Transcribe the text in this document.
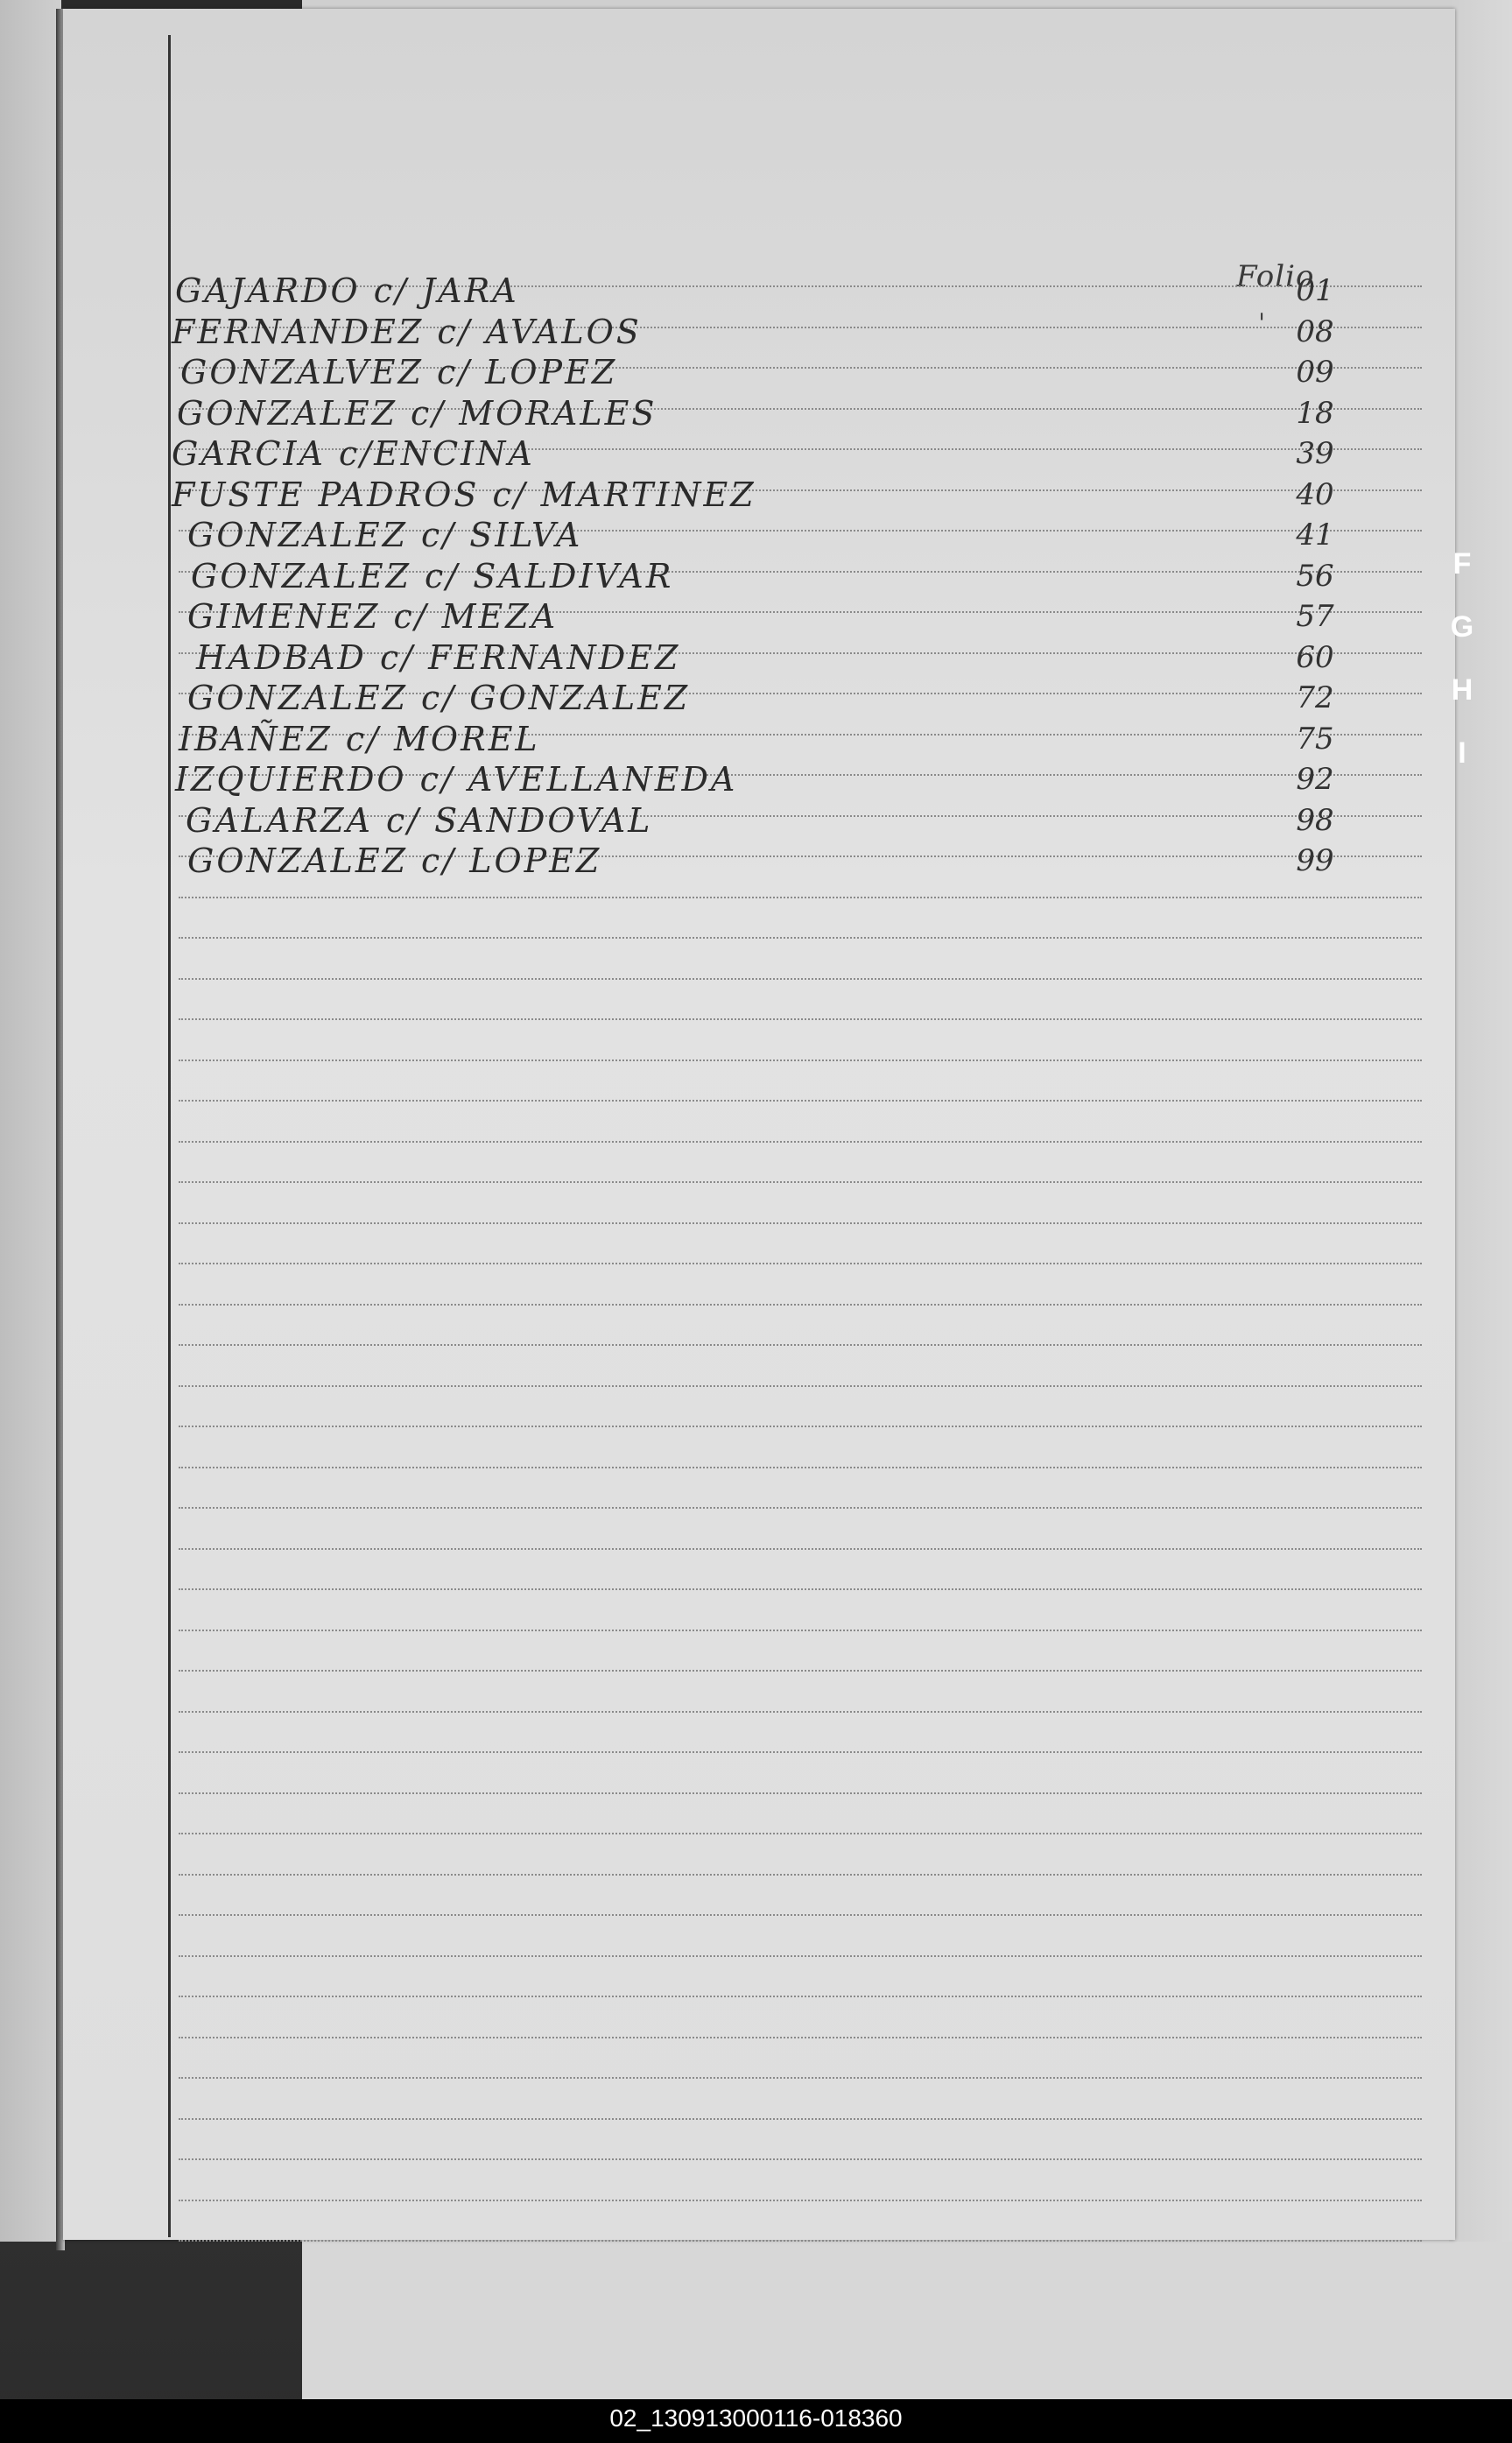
Folio
ˌ
GAJARDO c/ JARA	01
FERNANDEZ c/ AVALOS	08
GONZALVEZ c/ LOPEZ	09
GONZALEZ c/ MORALES	18
GARCIA c/ENCINA	39
FUSTE PADROS c/ MARTINEZ	40
GONZALEZ c/ SILVA	41
GONZALEZ c/ SALDIVAR	56
GIMENEZ c/ MEZA	57
HADBAD c/ FERNANDEZ	60
GONZALEZ c/ GONZALEZ	72
IBAÑEZ c/ MOREL	75
IZQUIERDO c/ AVELLANEDA	92
GALARZA c/ SANDOVAL	98
GONZALEZ c/ LOPEZ	99
F
G
H
I
02_130913000116-018360
